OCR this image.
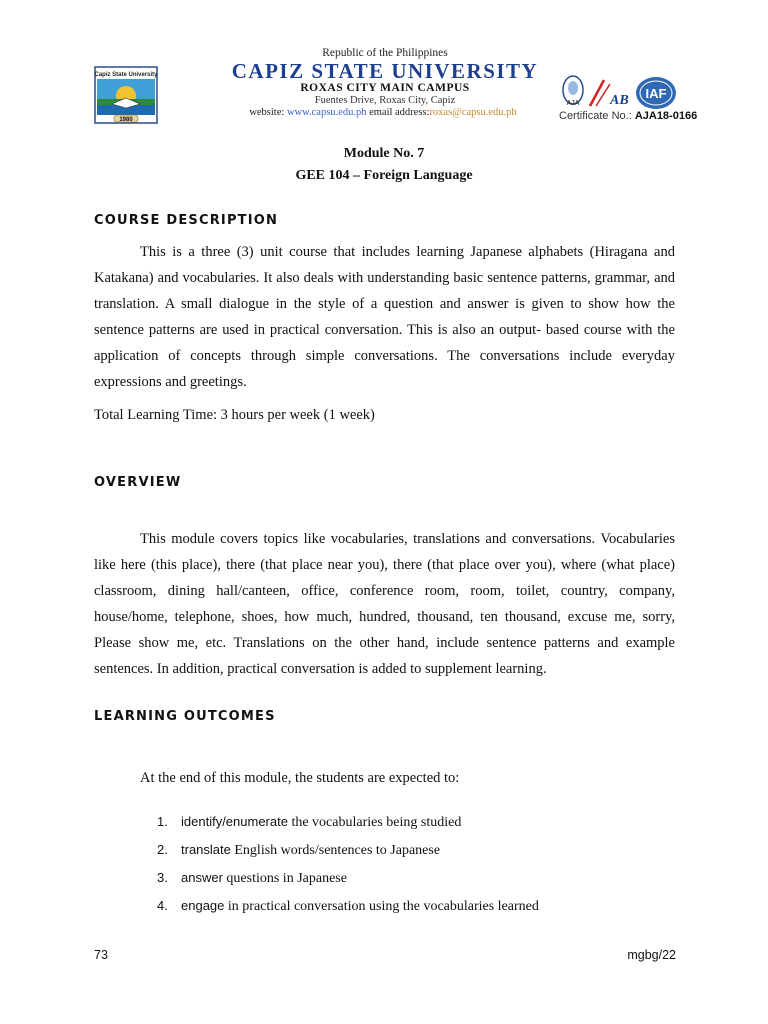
Capiz State University
1980
Republic of the Philippines
CAPIZ STATE UNIVERSITY
ROXAS CITY MAIN CAMPUS
Fuentes Drive, Roxas City, Capiz
website: www.capsu.edu.ph email address:roxas@capsu.edu.ph
AJA AB IAF
Certificate No.: AJA18-0166
Module No. 7
GEE 104 – Foreign Language
COURSE DESCRIPTION
This is a three (3) unit course that includes learning Japanese alphabets (Hiragana and Katakana) and vocabularies. It also deals with understanding basic sentence patterns, grammar, and translation. A small dialogue in the style of a question and answer is given to show how the sentence patterns are used in practical conversation. This is also an output- based course with the application of concepts through simple conversations. The conversations include everyday expressions and greetings.
Total Learning Time: 3 hours per week (1 week)
OVERVIEW
This module covers topics like vocabularies, translations and conversations. Vocabularies like here (this place), there (that place near you), there (that place over you), where (what place) classroom, dining hall/canteen, office, conference room, room, toilet, country, company, house/home, telephone, shoes, how much, hundred, thousand, ten thousand, excuse me, sorry, Please show me, etc. Translations on the other hand, include sentence patterns and example sentences. In addition, practical conversation is added to supplement learning.
LEARNING OUTCOMES
At the end of this module, the students are expected to:
1. identify/enumerate the vocabularies being studied
2. translate English words/sentences to Japanese
3. answer questions in Japanese
4. engage in practical conversation using the vocabularies learned
73	mgbg/22
